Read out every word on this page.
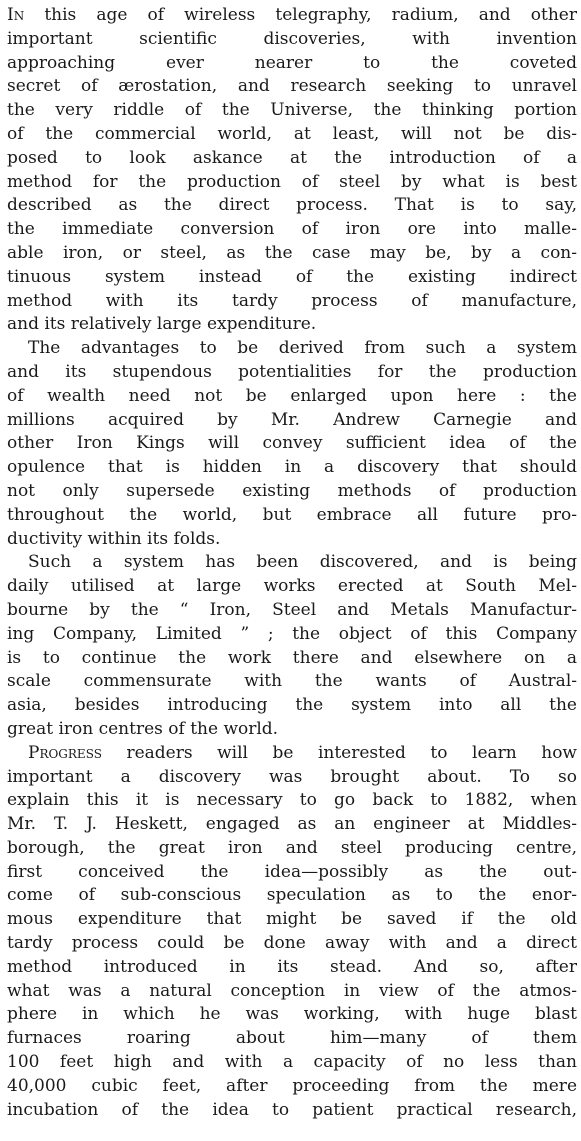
In this age of wireless telegraphy, radium, and other
important scientific discoveries, with invention
approaching ever nearer to the coveted
secret of ærostation, and research seeking to unravel
the very riddle of the Universe, the thinking portion
of the commercial world, at least, will not be dis-
posed to look askance at the introduction of a
method for the production of steel by what is best
described as the direct process. That is to say,
the immediate conversion of iron ore into malle-
able iron, or steel, as the case may be, by a con-
tinuous system instead of the existing indirect
method with its tardy process of manufacture,
and its relatively large expenditure.
The advantages to be derived from such a system
and its stupendous potentialities for the production
of wealth need not be enlarged upon here : the
millions acquired by Mr. Andrew Carnegie and
other Iron Kings will convey sufficient idea of the
opulence that is hidden in a discovery that should
not only supersede existing methods of production
throughout the world, but embrace all future pro-
ductivity within its folds.
Such a system has been discovered, and is being
daily utilised at large works erected at South Mel-
bourne by the “ Iron, Steel and Metals Manufactur-
ing Company, Limited ” ; the object of this Company
is to continue the work there and elsewhere on a
scale commensurate with the wants of Austral-
asia, besides introducing the system into all the
great iron centres of the world.
Progress readers will be interested to learn how
important a discovery was brought about. To so
explain this it is necessary to go back to 1882, when
Mr. T. J. Heskett, engaged as an engineer at Middles-
borough, the great iron and steel producing centre,
first conceived the idea—possibly as the out-
come of sub-conscious speculation as to the enor-
mous expenditure that might be saved if the old
tardy process could be done away with and a direct
method introduced in its stead. And so, after
what was a natural conception in view of the atmos-
phere in which he was working, with huge blast
furnaces roaring about him—many of them
100 feet high and with a capacity of no less than
40,000 cubic feet, after proceeding from the mere
incubation of the idea to patient practical research,
